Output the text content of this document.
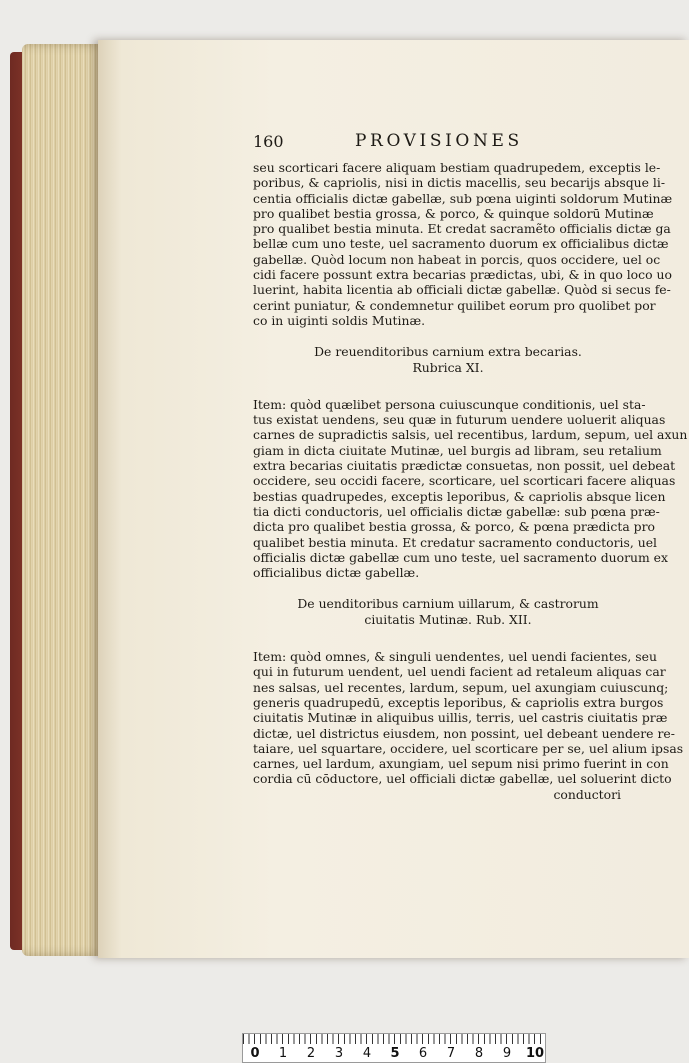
160	PROVISIONES
seu scorticari facere aliquam bestiam quadrupedem, exceptis le-
poribus, & capriolis, nisi in dictis macellis, seu becarijs absque li-
centia officialis dictæ gabellæ, sub pœna uiginti soldorum Mutinæ
pro qualibet bestia grossa, & porco, & quinque soldorū Mutinæ
pro qualibet bestia minuta. Et credat sacramẽto officialis dictæ ga
bellæ cum uno teste, uel sacramento duorum ex officialibus dictæ
gabellæ. Quòd locum non habeat in porcis, quos occidere, uel oc
cidi facere possunt extra becarias prædictas, ubi, & in quo loco uo
luerint, habita licentia ab officiali dictæ gabellæ. Quòd si secus fe-
cerint puniatur, & condemnetur quilibet eorum pro quolibet por
co in uiginti soldis Mutinæ.
De reuenditoribus carnium extra becarias.
Rubrica XI.
Item: quòd quælibet persona cuiuscunque conditionis, uel sta-
tus existat uendens, seu quæ in futurum uendere uoluerit aliquas
carnes de supradictis salsis, uel recentibus, lardum, sepum, uel axun
giam in dicta ciuitate Mutinæ, uel burgis ad libram, seu retalium
extra becarias ciuitatis prædictæ consuetas, non possit, uel debeat
occidere, seu occidi facere, scorticare, uel scorticari facere aliquas
bestias quadrupedes, exceptis leporibus, & capriolis absque licen
tia dicti conductoris, uel officialis dictæ gabellæ: sub pœna præ-
dicta pro qualibet bestia grossa, & porco, & pœna prædicta pro
qualibet bestia minuta. Et credatur sacramento conductoris, uel
officialis dictæ gabellæ cum uno teste, uel sacramento duorum ex
officialibus dictæ gabellæ.
De uenditoribus carnium uillarum, & castrorum
ciuitatis Mutinæ. Rub. XII.
Item: quòd omnes, & singuli uendentes, uel uendi facientes, seu
qui in futurum uendent, uel uendi facient ad retaleum aliquas car
nes salsas, uel recentes, lardum, sepum, uel axungiam cuiuscunq;
generis quadrupedū, exceptis leporibus, & capriolis extra burgos
ciuitatis Mutinæ in aliquibus uillis, terris, uel castris ciuitatis præ
dictæ, uel districtus eiusdem, non possint, uel debeant uendere re-
taiare, uel squartare, occidere, uel scorticare per se, uel alium ipsas
carnes, uel lardum, axungiam, uel sepum nisi primo fuerint in con
cordia cū cōductore, uel officiali dictæ gabellæ, uel soluerint dicto
conductori
0	1	2	3	4	5	6	7	8	9	10
